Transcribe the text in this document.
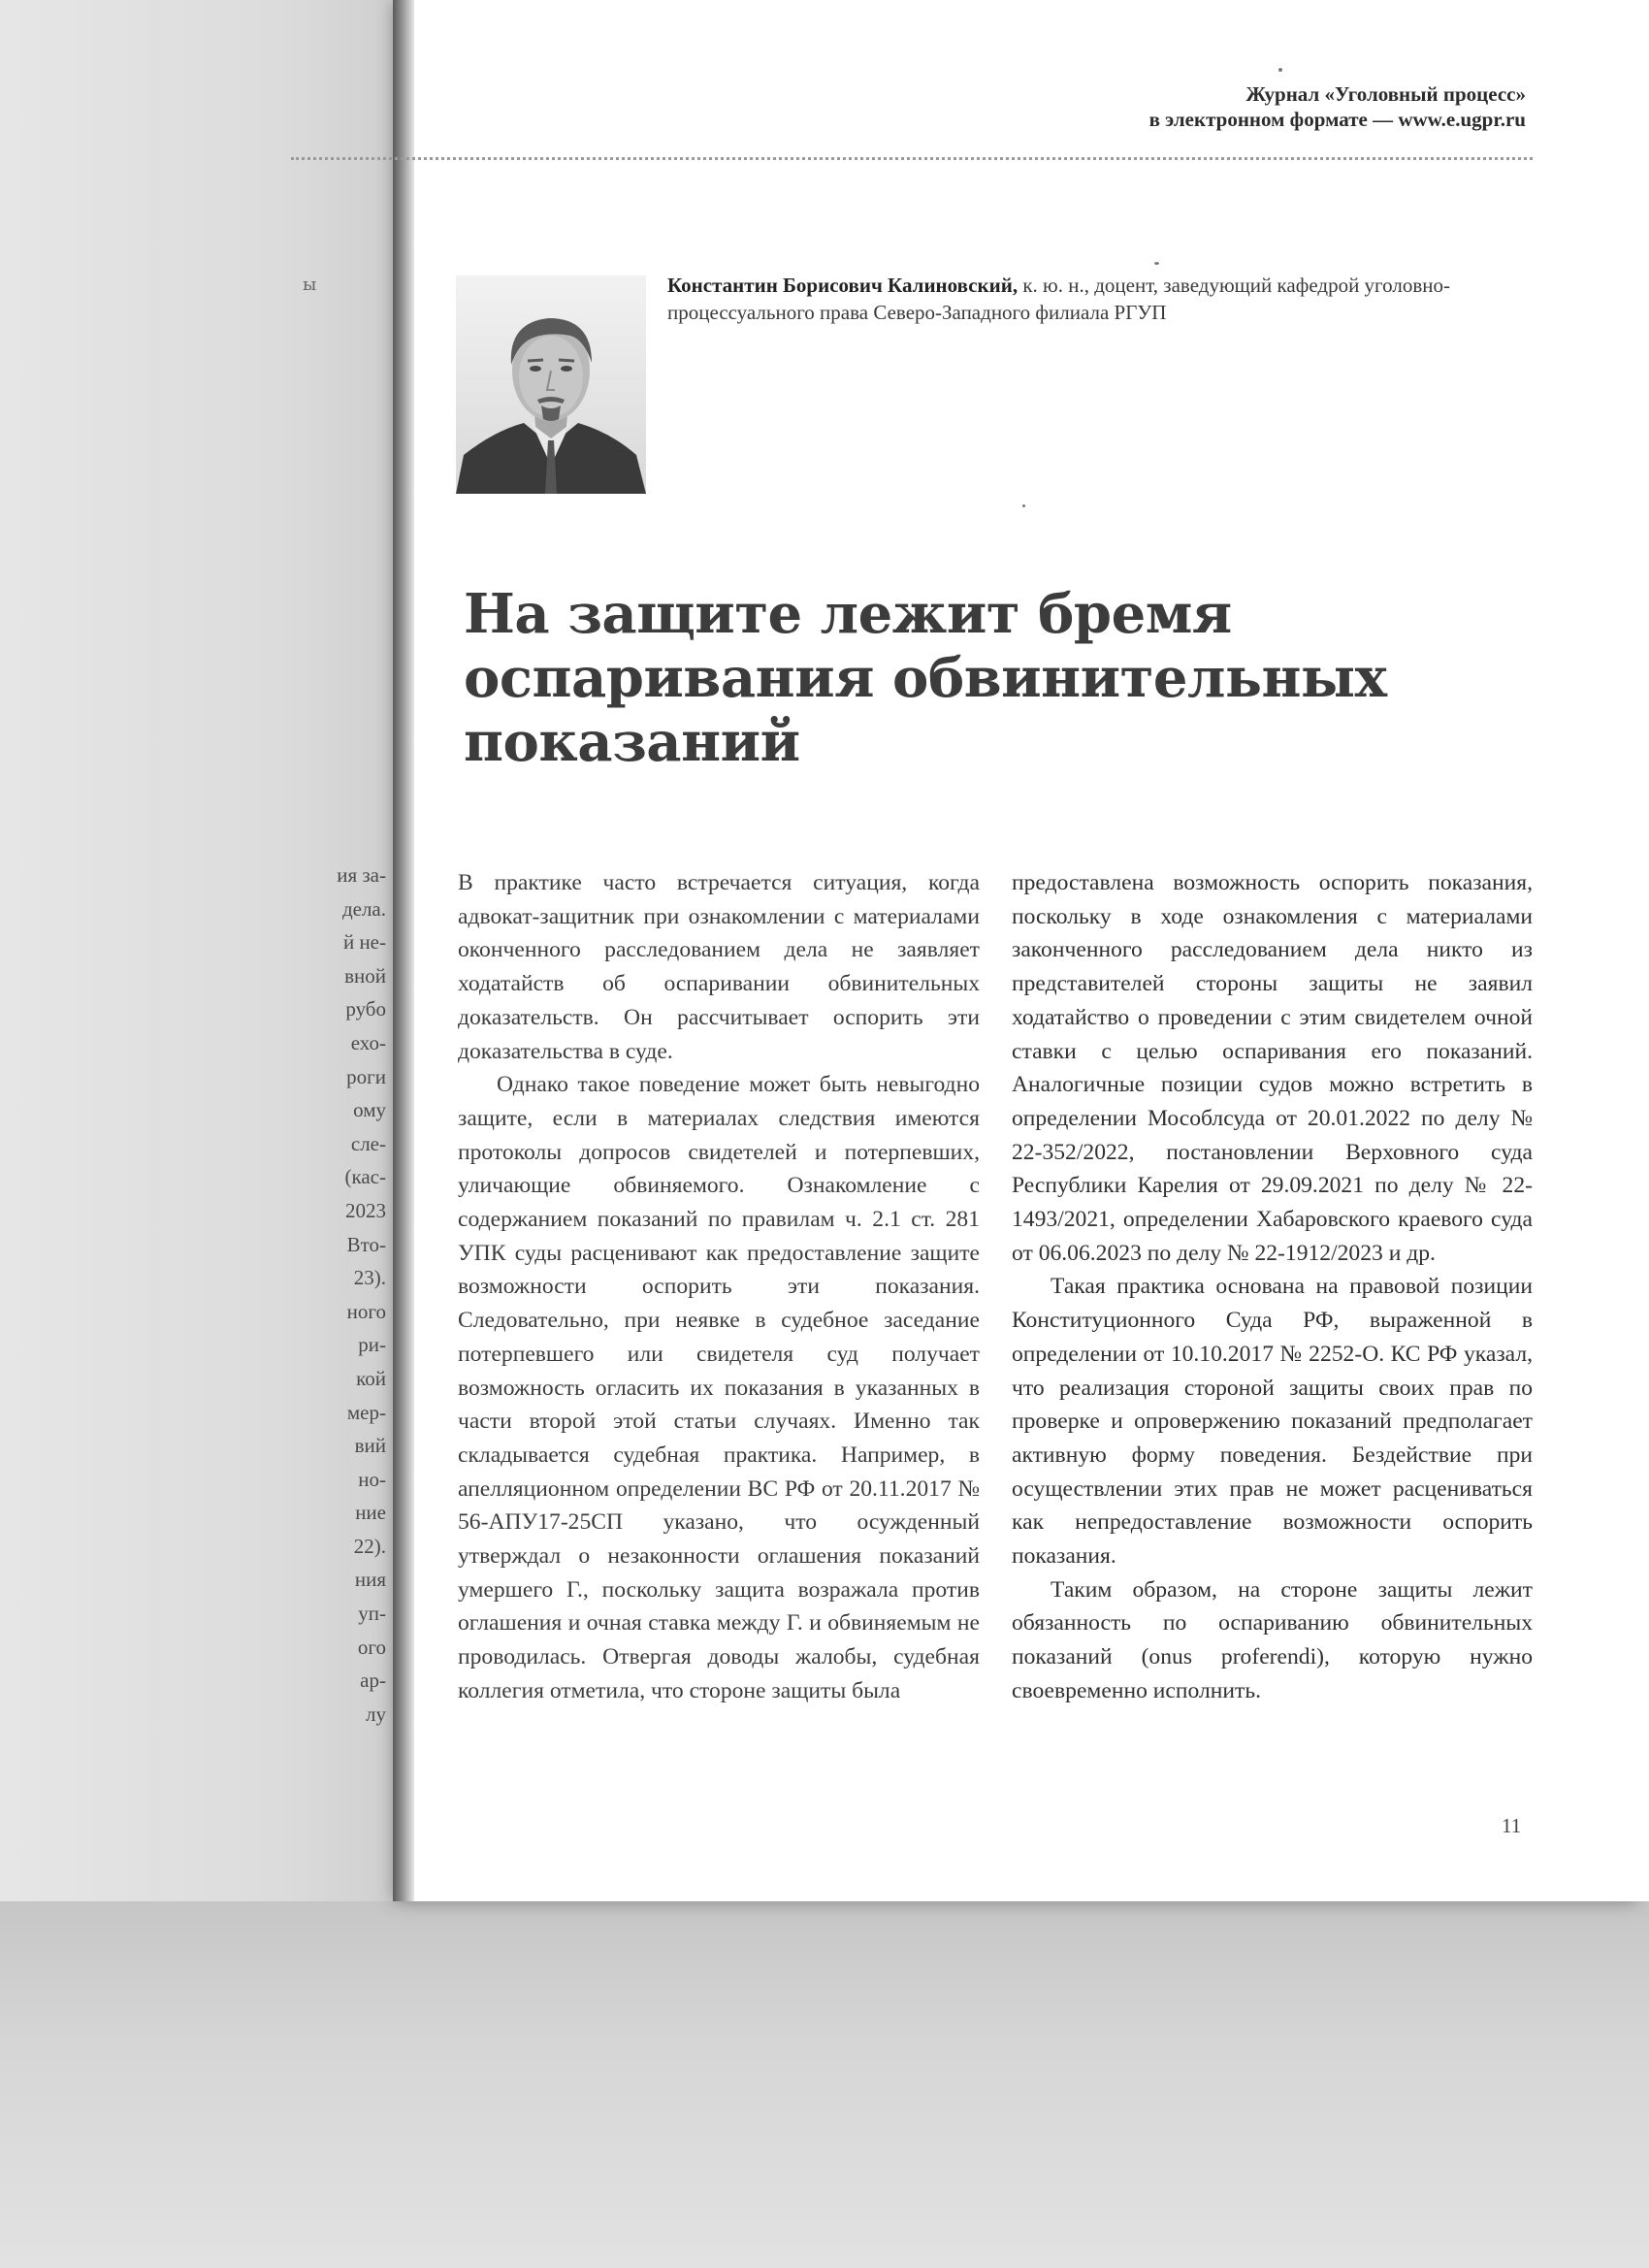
ы
ия за-
дела.
й не-
вной
рубо
ехо-
роги
ому
сле-
(кас-
2023
Вто-
23).
ного
ри-
кой
мер-
вий
но-
ние
22).
ния
уп-
ого
ар-
лу
Журнал «Уголовный процесс»
в электронном формате — www.e.ugpr.ru
Константин Борисович Калиновский, к. ю. н., доцент, заведующий кафедрой уголовно-процессуального права Северо-Западного филиала РГУП
На защите лежит бремя
оспаривания обвинительных
показаний

В практике часто встречается ситуация, когда адвокат-защитник при ознакомлении с материалами оконченного расследованием дела не заявляет ходатайств об оспаривании обвинительных доказательств. Он рассчитывает оспорить эти доказательства в суде.

Однако такое поведение может быть невыгодно защите, если в материалах следствия имеются протоколы допросов свидетелей и потерпевших, уличающие обвиняемого. Ознакомление с содержанием показаний по правилам ч. 2.1 ст. 281 УПК суды расценивают как предоставление защите возможности оспорить эти показания. Следовательно, при неявке в судебное заседание потерпевшего или свидетеля суд получает возможность огласить их показания в указанных в части второй этой статьи случаях. Именно так складывается судебная практика. Например, в апелляционном определении ВС РФ от 20.11.2017 № 56-АПУ17-25СП указано, что осужденный утверждал о незаконности оглашения показаний умершего Г., поскольку защита возражала против оглашения и очная ставка между Г. и обвиняемым не проводилась. Отвергая доводы жалобы, судебная коллегия отметила, что стороне защиты была

предоставлена возможность оспорить показания, поскольку в ходе ознакомления с материалами законченного расследованием дела никто из представителей стороны защиты не заявил ходатайство о проведении с этим свидетелем очной ставки с целью оспаривания его показаний. Аналогичные позиции судов можно встретить в определении Мособлсуда от 20.01.2022 по делу № 22-352/2022, постановлении Верховного суда Республики Карелия от 29.09.2021 по делу № 22-1493/2021, определении Хабаровского краевого суда от 06.06.2023 по делу № 22-1912/2023 и др.

Такая практика основана на правовой позиции Конституционного Суда РФ, выраженной в определении от 10.10.2017 № 2252-О. КС РФ указал, что реализация стороной защиты своих прав по проверке и опровержению показаний предполагает активную форму поведения. Бездействие при осуществлении этих прав не может расцениваться как непредоставление возможности оспорить показания.

Таким образом, на стороне защиты лежит обязанность по оспариванию обвинительных показаний (onus proferendi), которую нужно своевременно исполнить.

11
